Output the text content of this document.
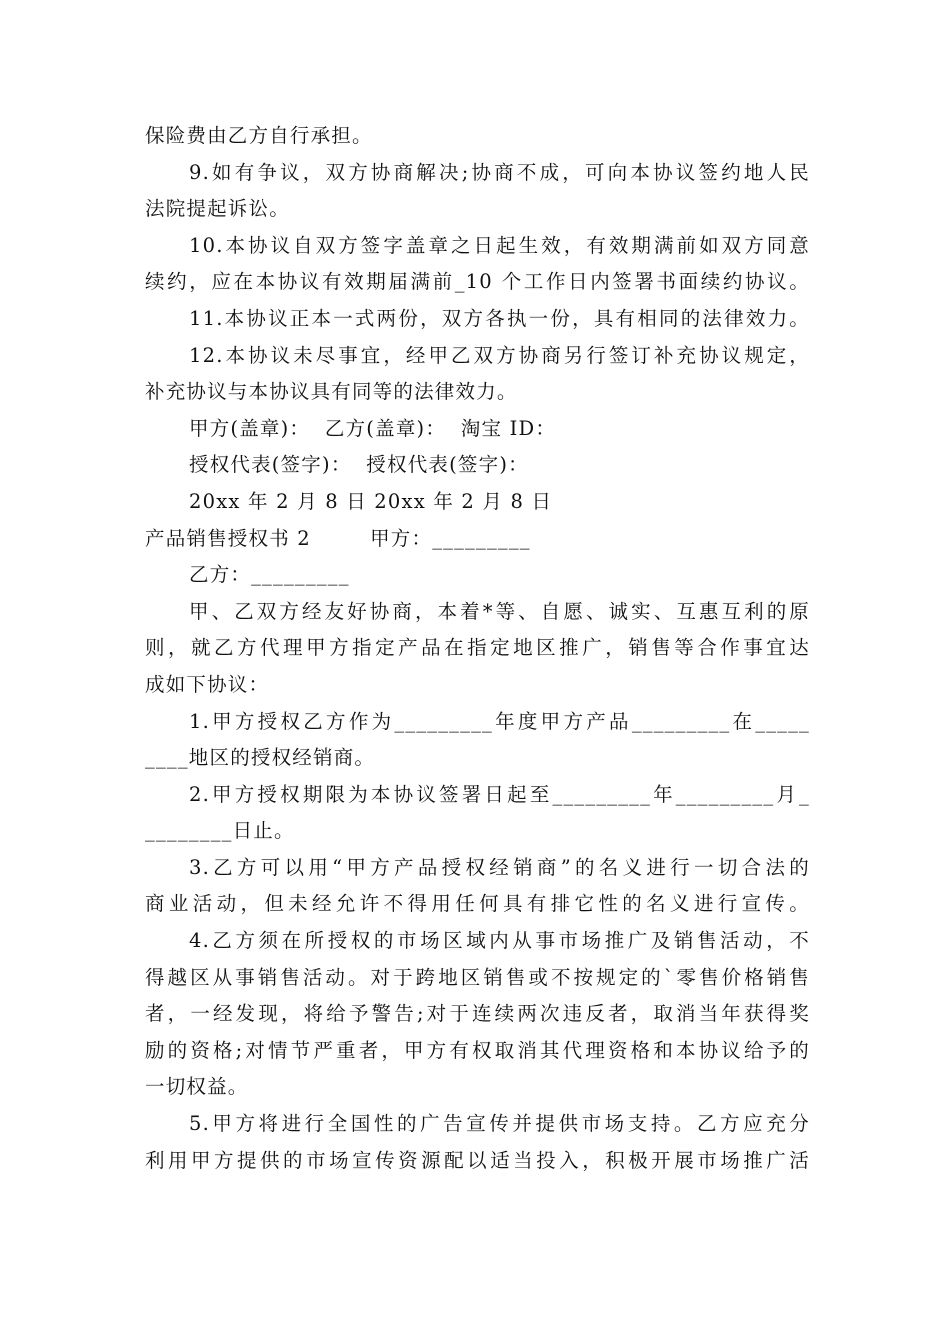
保险费由乙方自行承担。
9.如有争议，双方协商解决;协商不成，可向本协议签约地人民
法院提起诉讼。
10.本协议自双方签字盖章之日起生效，有效期满前如双方同意
续约，应在本协议有效期届满前_10 个工作日内签署书面续约协议。
11.本协议正本一式两份，双方各执一份，具有相同的法律效力。
12.本协议未尽事宜，经甲乙双方协商另行签订补充协议规定，
补充协议与本协议具有同等的法律效力。
甲方(盖章)：  乙方(盖章)：  淘宝 ID：
授权代表(签字)：  授权代表(签字)：
20xx 年 2 月 8 日 20xx 年 2 月 8 日
产品销售授权书 2        甲方：_________
乙方：_________
甲、乙双方经友好协商，本着*等、自愿、诚实、互惠互利的原
则，就乙方代理甲方指定产品在指定地区推广，销售等合作事宜达
成如下协议：
1.甲方授权乙方作为_________年度甲方产品_________在_____
____地区的授权经销商。
2.甲方授权期限为本协议签署日起至_________年_________月_
________日止。
3.乙方可以用“甲方产品授权经销商”的名义进行一切合法的
商业活动，但未经允许不得用任何具有排它性的名义进行宣传。
4.乙方须在所授权的市场区域内从事市场推广及销售活动，不
得越区从事销售活动。对于跨地区销售或不按规定的`零售价格销售
者，一经发现，将给予警告;对于连续两次违反者，取消当年获得奖
励的资格;对情节严重者，甲方有权取消其代理资格和本协议给予的
一切权益。
5.甲方将进行全国性的广告宣传并提供市场支持。乙方应充分
利用甲方提供的市场宣传资源配以适当投入，积极开展市场推广活
